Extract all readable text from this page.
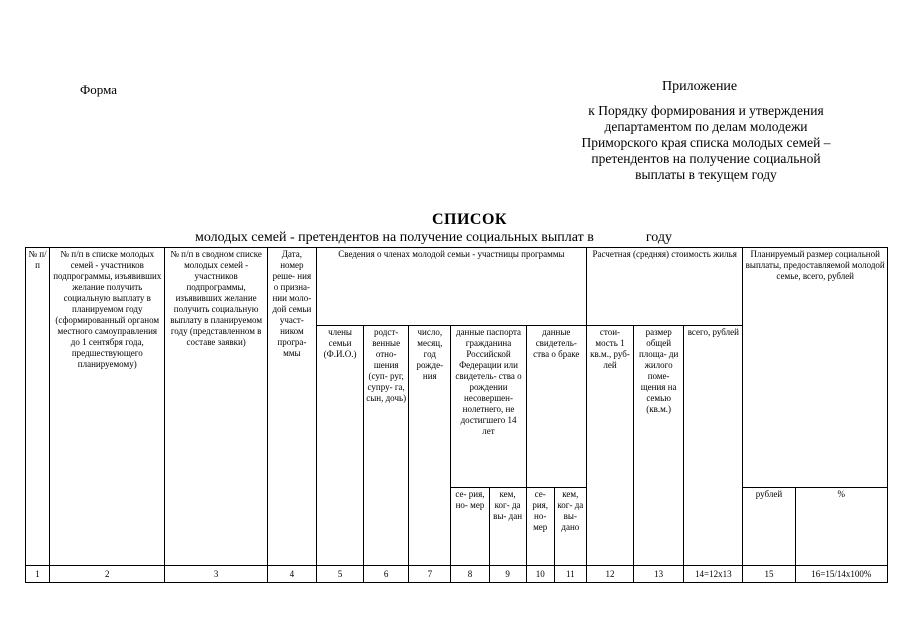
Форма	Приложение
к Порядку формирования и утверждения
департаментом по делам молодежи
Приморского края списка молодых семей –
претендентов на получение социальной
выплаты в текущем году
СПИСОК
молодых семей - претендентов на получение социальных выплат в	году
№ п/п	№ п/п в списке молодых семей - участников подпрограммы, изъявивших желание получить социальную выплату в планируемом году (сформированный органом местного самоуправления до 1 сентября года, предшествующего планируемому)	№ п/п в сводном списке молодых семей - участников подпрограммы, изъявивших желание получить социальную выплату в планируемом году (представленном в составе заявки)	Дата, номер реше- ния о призна- нии моло- дой семьи участ- ником програ- ммы	Сведения о членах молодой семьи - участницы программы							Расчетная (средняя) стоимость жилья			Планируемый размер социальной выплаты, предоставляемой молодой семье, всего, рублей	
				члены семьи (Ф.И.О.)	родст- венные отно- шения (суп- руг, супру- га, сын, дочь)	число, месяц, год рожде- ния	данные паспорта гражданина Российской Федерации или свидетель- ства о рождении несовершен- нолетнего, не достигшего 14 лет		данные свидетель- ства о браке		стои- мость 1 кв.м., руб- лей	размер общей площа- ди жилого поме- щения на семью (кв.м.)	всего, рублей		
							се- рия, но- мер	кем, ког- да вы- дан	се- рия, но- мер	кем, ког- да вы- дано				рублей	%
1	2	3	4	5	6	7	8	9	10	11	12	13	14=12x13	15	16=15/14x100%
